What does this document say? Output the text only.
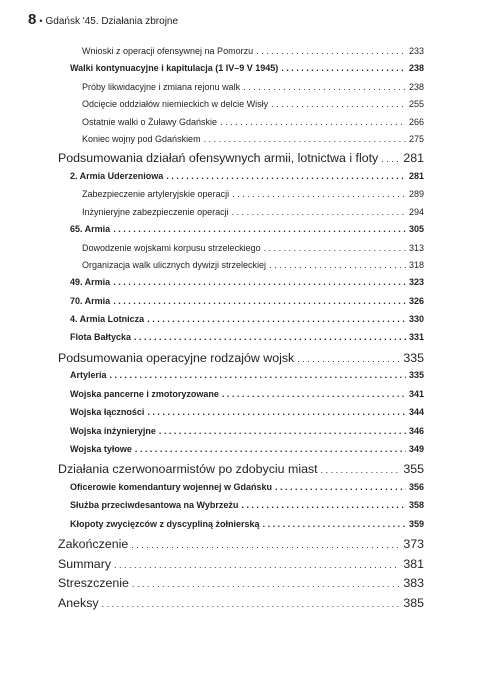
8 • Gdańsk '45. Działania zbrojne
Wnioski z operacji ofensywnej na Pomorzu . . .	233
Walki kontynuacyjne i kapitulacja (1 IV–9 V 1945) . . .	238
Próby likwidacyjne i zmiana rejonu walk . . .	238
Odcięcie oddziałów niemieckich w delcie Wisły . . .	255
Ostatnie walki o Żuławy Gdańskie . . .	266
Koniec wojny pod Gdańskiem . . .	275
Podsumowania działań ofensywnych armii, lotnictwa i floty . . . 281
2. Armia Uderzeniowa . . .	281
Zabezpieczenie artyleryjskie operacji . . .	289
Inżynieryjne zabezpieczenie operacji . . .	294
65. Armia . . .	305
Dowodzenie wojskami korpusu strzeleckiego . . .	313
Organizacja walk ulicznych dywizji strzeleckiej . . .	318
49. Armia . . .	323
70. Armia . . .	326
4. Armia Lotnicza . . .	330
Flota Bałtycka . . .	331
Podsumowania operacyjne rodzajów wojsk . . .	335
Artyleria . . .	335
Wojska pancerne i zmotoryzowane . . .	341
Wojska łączności . . .	344
Wojska inżynieryjne . . .	346
Wojska tyłowe . . .	349
Działania czerwonoarmistów po zdobyciu miast . . .	355
Oficerowie komendantury wojennej w Gdańsku . . .	356
Służba przeciwdesantowa na Wybrzeżu . . .	358
Kłopoty zwycięzców z dyscypliną żołnierską . . .	359
Zakończenie . . .	373
Summary . . .	381
Streszczenie . . .	383
Aneksy . . .	385
